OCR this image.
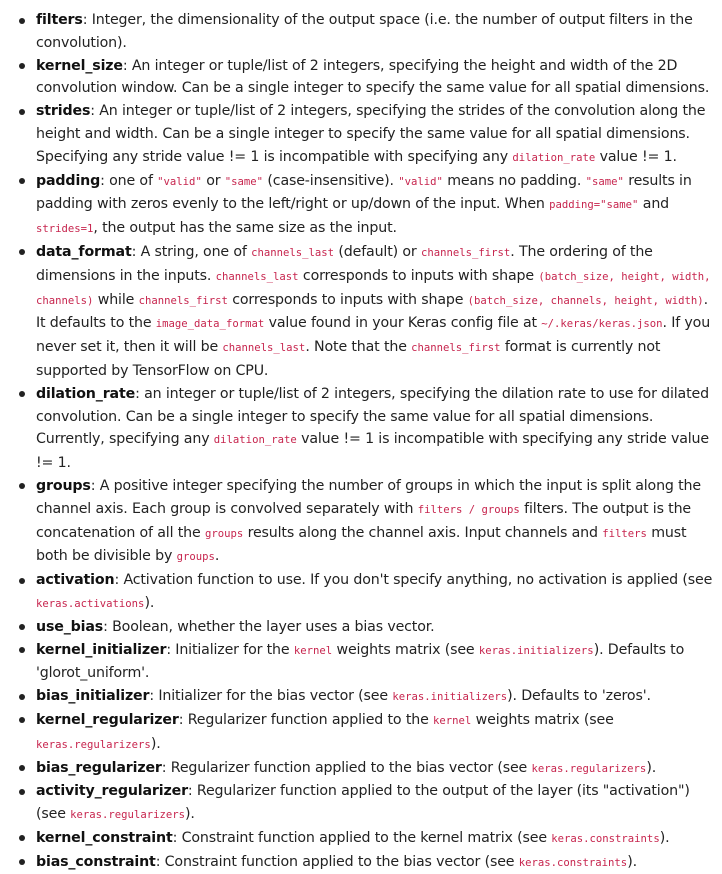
filters: Integer, the dimensionality of the output space (i.e. the number of output filters in the convolution).
kernel_size: An integer or tuple/list of 2 integers, specifying the height and width of the 2D convolution window. Can be a single integer to specify the same value for all spatial dimensions.
strides: An integer or tuple/list of 2 integers, specifying the strides of the convolution along the height and width. Can be a single integer to specify the same value for all spatial dimensions. Specifying any stride value != 1 is incompatible with specifying any dilation_rate value != 1.
padding: one of "valid" or "same" (case-insensitive). "valid" means no padding. "same" results in padding with zeros evenly to the left/right or up/down of the input. When padding="same" and strides=1, the output has the same size as the input.
data_format: A string, one of channels_last (default) or channels_first. The ordering of the dimensions in the inputs. channels_last corresponds to inputs with shape (batch_size, height, width, channels) while channels_first corresponds to inputs with shape (batch_size, channels, height, width). It defaults to the image_data_format value found in your Keras config file at ~/.keras/keras.json. If you never set it, then it will be channels_last. Note that the channels_first format is currently not supported by TensorFlow on CPU.
dilation_rate: an integer or tuple/list of 2 integers, specifying the dilation rate to use for dilated convolution. Can be a single integer to specify the same value for all spatial dimensions. Currently, specifying any dilation_rate value != 1 is incompatible with specifying any stride value != 1.
groups: A positive integer specifying the number of groups in which the input is split along the channel axis. Each group is convolved separately with filters / groups filters. The output is the concatenation of all the groups results along the channel axis. Input channels and filters must both be divisible by groups.
activation: Activation function to use. If you don't specify anything, no activation is applied (see keras.activations).
use_bias: Boolean, whether the layer uses a bias vector.
kernel_initializer: Initializer for the kernel weights matrix (see keras.initializers). Defaults to 'glorot_uniform'.
bias_initializer: Initializer for the bias vector (see keras.initializers). Defaults to 'zeros'.
kernel_regularizer: Regularizer function applied to the kernel weights matrix (see keras.regularizers).
bias_regularizer: Regularizer function applied to the bias vector (see keras.regularizers).
activity_regularizer: Regularizer function applied to the output of the layer (its "activation") (see keras.regularizers).
kernel_constraint: Constraint function applied to the kernel matrix (see keras.constraints).
bias_constraint: Constraint function applied to the bias vector (see keras.constraints).
